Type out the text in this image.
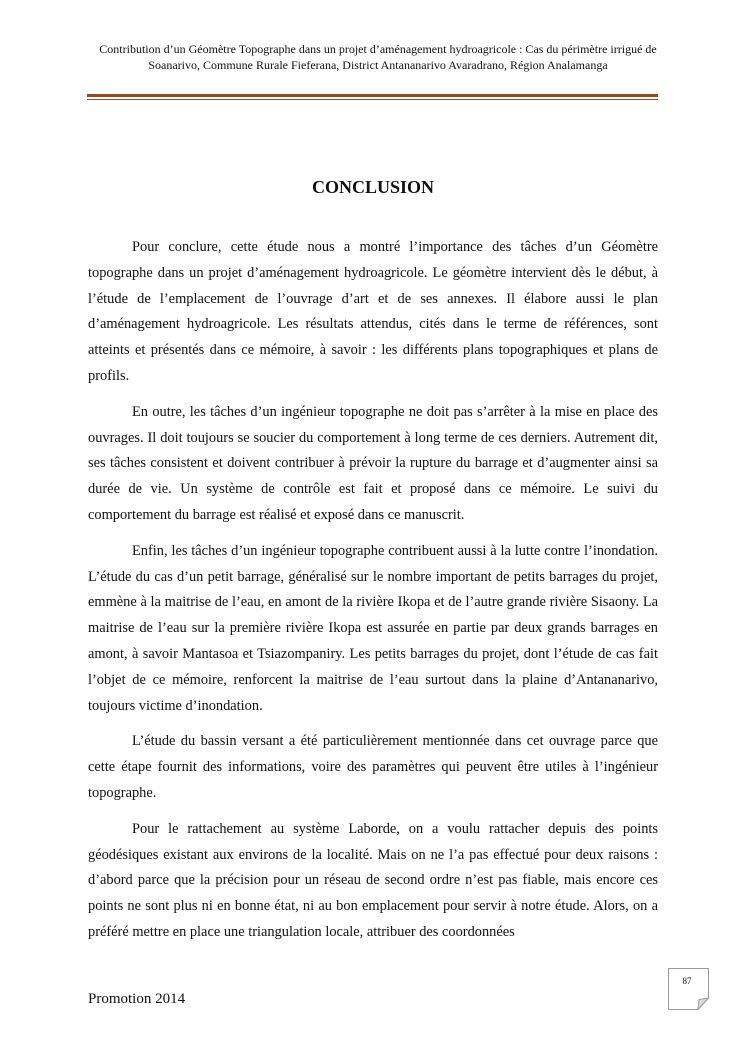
Contribution d’un Géomètre Topographe dans un projet d’aménagement hydroagricole : Cas du périmètre irrigué de Soanarivo, Commune Rurale Fieferana, District Antananarivo Avaradrano, Région Analamanga
CONCLUSION

Pour conclure, cette étude nous a montré l’importance des tâches d’un Géomètre topographe dans un projet d’aménagement hydroagricole. Le géomètre intervient dès le début, à l’étude de l’emplacement de l’ouvrage d’art et de ses annexes. Il élabore aussi le plan d’aménagement hydroagricole. Les résultats attendus, cités dans le terme de références, sont atteints et présentés dans ce mémoire, à savoir : les différents plans topographiques et plans de profils.

En outre, les tâches d’un ingénieur topographe ne doit pas s’arrêter à la mise en place des ouvrages. Il doit toujours se soucier du comportement à long terme de ces derniers. Autrement dit, ses tâches consistent et doivent contribuer à prévoir la rupture du barrage et d’augmenter ainsi sa durée de vie. Un système de contrôle est fait et proposé dans ce mémoire. Le suivi du comportement du barrage est réalisé et exposé dans ce manuscrit.

Enfin, les tâches d’un ingénieur topographe contribuent aussi à la lutte contre l’inondation. L’étude du cas d’un petit barrage, généralisé sur le nombre important de petits barrages du projet, emmène à la maitrise de l’eau, en amont de la rivière Ikopa et de l’autre grande rivière Sisaony. La maitrise de l’eau sur la première rivière Ikopa est assurée en partie par deux grands barrages en amont, à savoir Mantasoa et Tsiazompaniry. Les petits barrages du projet, dont l’étude de cas fait l’objet de ce mémoire, renforcent la maitrise de l’eau surtout dans la plaine d’Antananarivo, toujours victime d’inondation.

L’étude du bassin versant a été particulièrement mentionnée dans cet ouvrage parce que cette étape fournit des informations, voire des paramètres qui peuvent être utiles à l’ingénieur topographe.

Pour le rattachement au système Laborde, on a voulu rattacher depuis des points géodésiques existant aux environs de la localité. Mais on ne l’a pas effectué pour deux raisons : d’abord parce que la précision pour un réseau de second ordre n’est pas fiable, mais encore ces points ne sont plus ni en bonne état, ni au bon emplacement pour servir à notre étude. Alors, on a préféré mettre en place une triangulation locale, attribuer des coordonnées

87
Promotion 2014
